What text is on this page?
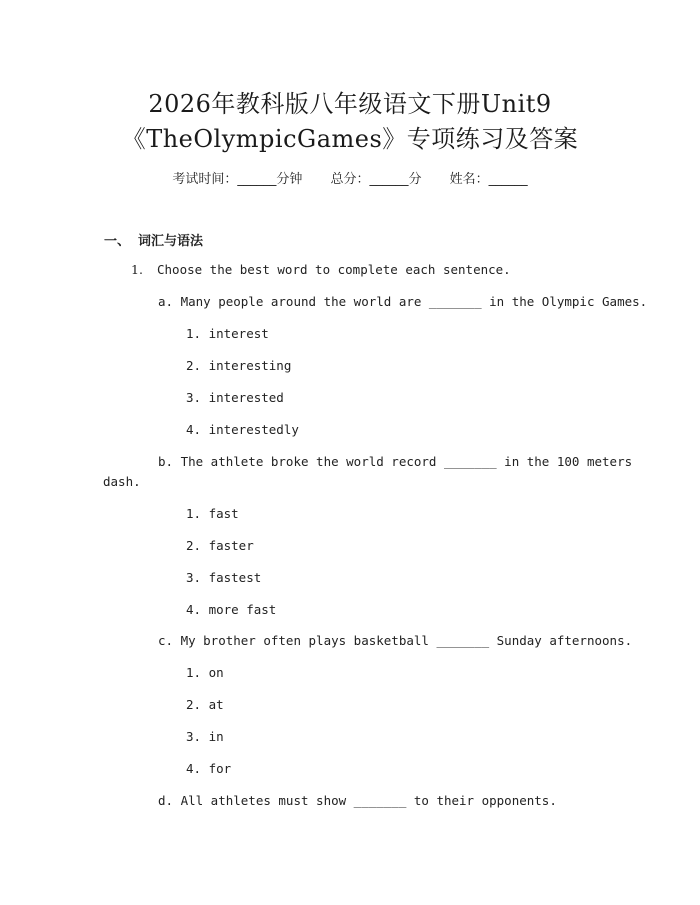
2026年教科版八年级语文下册Unit9
《TheOlympicGames》专项练习及答案
考试时间：______分钟 总分：______分 姓名：______
一、 词汇与语法
1. Choose the best word to complete each sentence.
a. Many people around the world are _______ in the Olympic Games.
1. interest
2. interesting
3. interested
4. interestedly
b. The athlete broke the world record _______ in the 100 meters
dash.
1. fast
2. faster
3. fastest
4. more fast
c. My brother often plays basketball _______ Sunday afternoons.
1. on
2. at
3. in
4. for
d. All athletes must show _______ to their opponents.
